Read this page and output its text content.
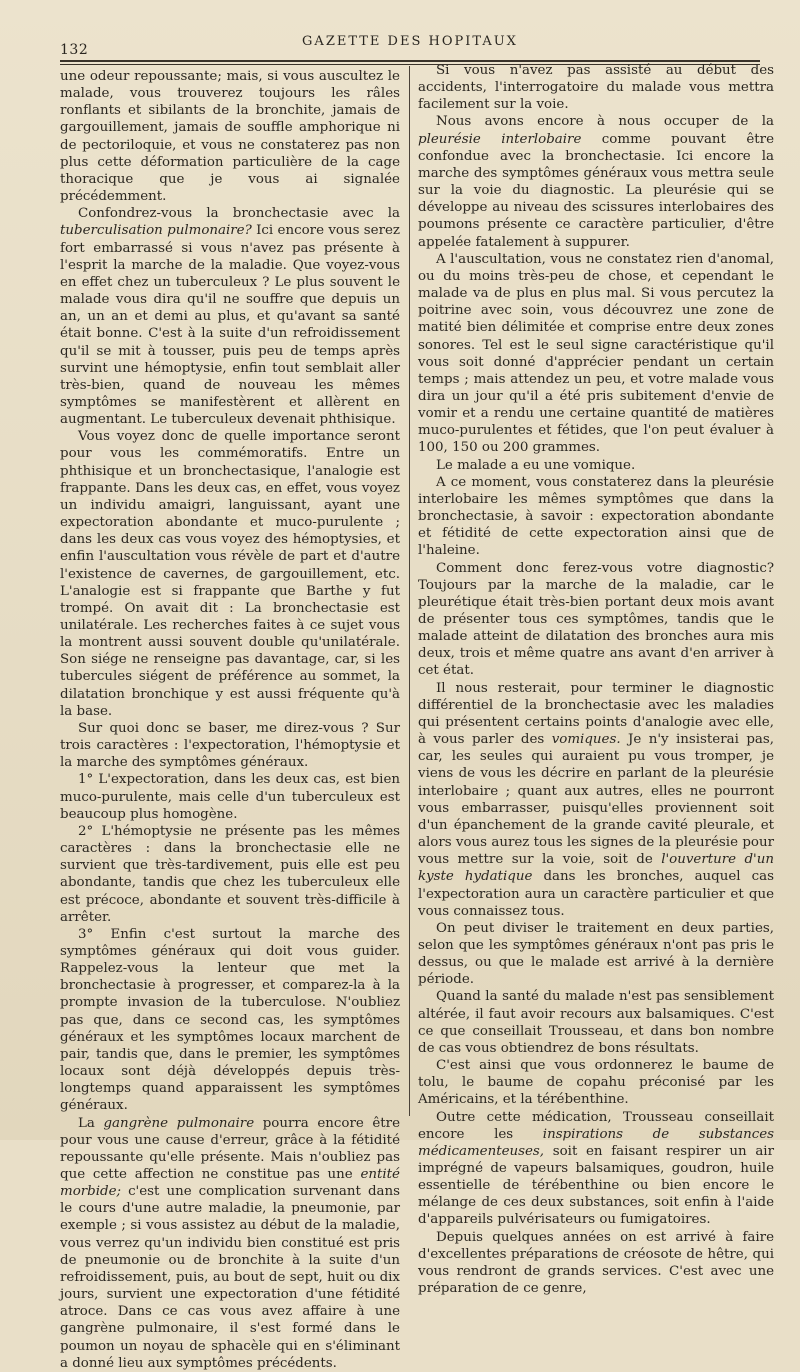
132
GAZETTE DES HOPITAUX

une odeur repoussante; mais, si vous auscultez le malade, vous trouverez toujours les râles ronflants et sibilants de la bronchite, jamais de gargouillement, jamais de souffle amphorique ni de pectoriloquie, et vous ne constaterez pas non plus cette déformation particulière de la cage thoracique que je vous ai signalée précédemment.

Confondrez-vous la bronchectasie avec la tuberculisation pulmonaire? Ici encore vous serez fort embarrassé si vous n'avez pas présente à l'esprit la marche de la maladie. Que voyez-vous en effet chez un tuberculeux ? Le plus souvent le malade vous dira qu'il ne souffre que depuis un an, un an et demi au plus, et qu'avant sa santé était bonne. C'est à la suite d'un refroidissement qu'il se mit à tousser, puis peu de temps après survint une hémoptysie, enfin tout semblait aller très-bien, quand de nouveau les mêmes symptômes se manifestèrent et allèrent en augmentant. Le tuberculeux devenait phthisique.

Vous voyez donc de quelle importance seront pour vous les commémoratifs. Entre un phthisique et un bronchectasique, l'analogie est frappante. Dans les deux cas, en effet, vous voyez un individu amaigri, languissant, ayant une expectoration abondante et muco-purulente ; dans les deux cas vous voyez des hémoptysies, et enfin l'auscultation vous révèle de part et d'autre l'existence de cavernes, de gargouillement, etc. L'analogie est si frappante que Barthe y fut trompé. On avait dit : La bronchectasie est unilatérale. Les recherches faites à ce sujet vous la montrent aussi souvent double qu'unilatérale. Son siége ne renseigne pas davantage, car, si les tubercules siégent de préférence au sommet, la dilatation bronchique y est aussi fréquente qu'à la base.

Sur quoi donc se baser, me direz-vous ? Sur trois caractères : l'expectoration, l'hémoptysie et la marche des symptômes généraux.

1° L'expectoration, dans les deux cas, est bien muco-purulente, mais celle d'un tuberculeux est beaucoup plus homogène.

2° L'hémoptysie ne présente pas les mêmes caractères : dans la bronchectasie elle ne survient que très-tardivement, puis elle est peu abondante, tandis que chez les tuberculeux elle est précoce, abondante et souvent très-difficile à arrêter.

3° Enfin c'est surtout la marche des symptômes généraux qui doit vous guider. Rappelez-vous la lenteur que met la bronchectasie à progresser, et comparez-la à la prompte invasion de la tuberculose. N'oubliez pas que, dans ce second cas, les symptômes généraux et les symptômes locaux marchent de pair, tandis que, dans le premier, les symptômes locaux sont déjà développés depuis très-longtemps quand apparaissent les symptômes généraux.

La gangrène pulmonaire pourra encore être pour vous une cause d'erreur, grâce à la fétidité repoussante qu'elle présente. Mais n'oubliez pas que cette affection ne constitue pas une entité morbide; c'est une complication survenant dans le cours d'une autre maladie, la pneumonie, par exemple ; si vous assistez au début de la maladie, vous verrez qu'un individu bien constitué est pris de pneumonie ou de bronchite à la suite d'un refroidissement, puis, au bout de sept, huit ou dix jours, survient une expectoration d'une fétidité atroce. Dans ce cas vous avez affaire à une gangrène pulmonaire, il s'est formé dans le poumon un noyau de sphacèle qui en s'éliminant a donné lieu aux symptômes précédents.

Si vous n'avez pas assisté au début des accidents, l'interrogatoire du malade vous mettra facilement sur la voie.

Nous avons encore à nous occuper de la pleurésie interlobaire comme pouvant être confondue avec la bronchectasie. Ici encore la marche des symptômes généraux vous mettra seule sur la voie du diagnostic. La pleurésie qui se développe au niveau des scissures interlobaires des poumons présente ce caractère particulier, d'être appelée fatalement à suppurer.

A l'auscultation, vous ne constatez rien d'anomal, ou du moins très-peu de chose, et cependant le malade va de plus en plus mal. Si vous percutez la poitrine avec soin, vous découvrez une zone de matité bien délimitée et comprise entre deux zones sonores. Tel est le seul signe caractéristique qu'il vous soit donné d'apprécier pendant un certain temps ; mais attendez un peu, et votre malade vous dira un jour qu'il a été pris subitement d'envie de vomir et a rendu une certaine quantité de matières muco-purulentes et fétides, que l'on peut évaluer à 100, 150 ou 200 grammes.

Le malade a eu une vomique.

A ce moment, vous constaterez dans la pleurésie interlobaire les mêmes symptômes que dans la bronchectasie, à savoir : expectoration abondante et fétidité de cette expectoration ainsi que de l'haleine.

Comment donc ferez-vous votre diagnostic? Toujours par la marche de la maladie, car le pleurétique était très-bien portant deux mois avant de présenter tous ces symptômes, tandis que le malade atteint de dilatation des bronches aura mis deux, trois et même quatre ans avant d'en arriver à cet état.

Il nous resterait, pour terminer le diagnostic différentiel de la bronchectasie avec les maladies qui présentent certains points d'analogie avec elle, à vous parler des vomiques. Je n'y insisterai pas, car, les seules qui auraient pu vous tromper, je viens de vous les décrire en parlant de la pleurésie interlobaire ; quant aux autres, elles ne pourront vous embarrasser, puisqu'elles proviennent soit d'un épanchement de la grande cavité pleurale, et alors vous aurez tous les signes de la pleurésie pour vous mettre sur la voie, soit de l'ouverture d'un kyste hydatique dans les bronches, auquel cas l'expectoration aura un caractère particulier et que vous connaissez tous.

On peut diviser le traitement en deux parties, selon que les symptômes généraux n'ont pas pris le dessus, ou que le malade est arrivé à la dernière période.

Quand la santé du malade n'est pas sensiblement altérée, il faut avoir recours aux balsamiques. C'est ce que conseillait Trousseau, et dans bon nombre de cas vous obtiendrez de bons résultats.

C'est ainsi que vous ordonnerez le baume de tolu, le baume de copahu préconisé par les Américains, et la térébenthine.

Outre cette médication, Trousseau conseillait encore les inspirations de substances médicamenteuses, soit en faisant respirer un air imprégné de vapeurs balsamiques, goudron, huile essentielle de térébenthine ou bien encore le mélange de ces deux substances, soit enfin à l'aide d'appareils pulvérisateurs ou fumigatoires.

Depuis quelques années on est arrivé à faire d'excellentes préparations de créosote de hêtre, qui vous rendront de grands services. C'est avec une préparation de ce genre,
